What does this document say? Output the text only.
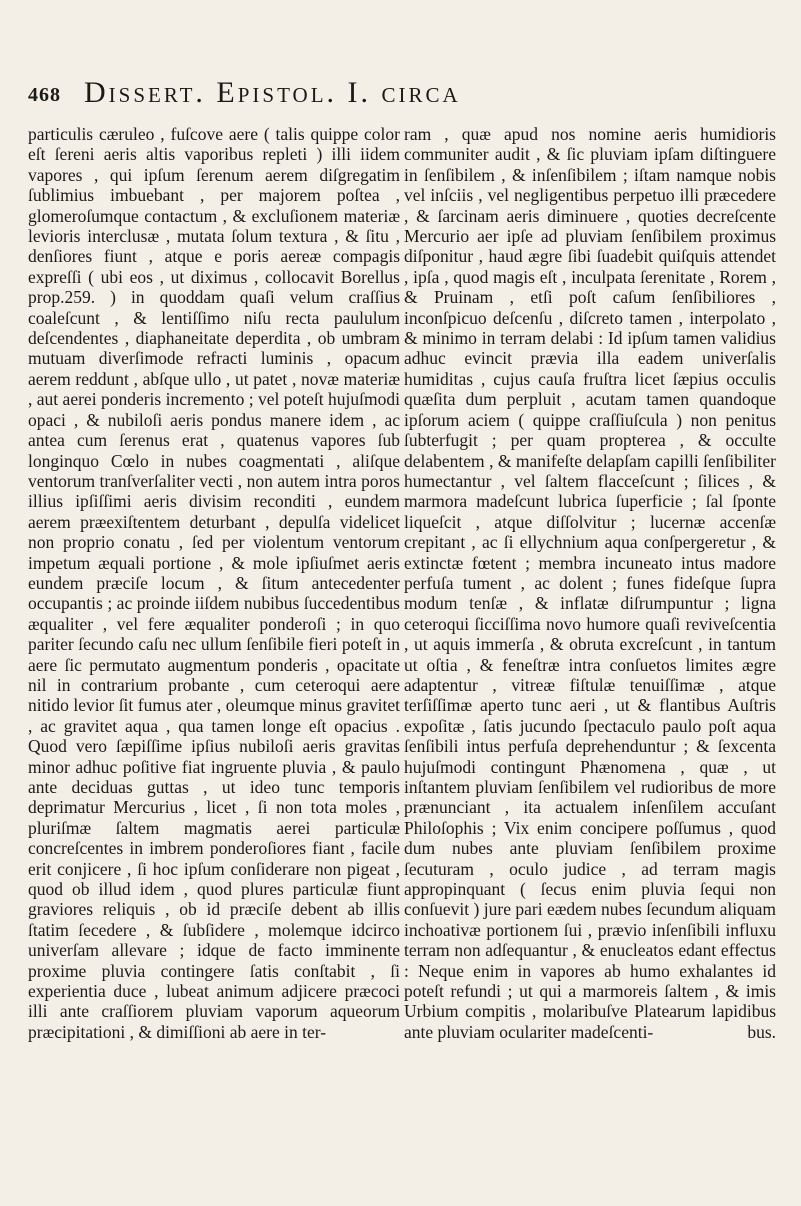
468 Dissert. Epistol. I. circa

particulis cæruleo , fuſcove aere ( talis quippe color eſt ſereni aeris altis vaporibus repleti ) illi iidem vapores , qui ipſum ſerenum aerem diſgregatim ſublimius imbuebant , per majorem poſtea , glomeroſumque contactum , & excluſionem materiæ levioris interclusæ , mutata ſolum textura , & ſitu , denſiores fiunt , atque e poris aereæ compagis expreſſi ( ubi eos , ut diximus , collocavit Borellus prop.259. ) in quoddam quaſi velum craſſius coaleſcunt , & lentiſſimo niſu recta paululum deſcendentes , diaphaneitate deperdita , ob umbram mutuam diverſimode refracti luminis , opacum aerem reddunt , abſque ullo , ut patet , novæ materiæ , aut aerei ponderis incremento ; vel poteſt hujuſmodi opaci , & nubiloſi aeris pondus manere idem , ac antea cum ſerenus erat , quatenus vapores ſub longinquo Cœlo in nubes coagmentati , aliſque ventorum tranſverſaliter vecti , non autem intra poros illius ipſiſſimi aeris divisim reconditi , eundem aerem præexiſtentem deturbant , depulſa videlicet non proprio conatu , ſed per violentum ventorum impetum æquali portione , & mole ipſiuſmet aeris eundem præciſe locum , & ſitum antecedenter occupantis ; ac proinde iiſdem nubibus ſuccedentibus æqualiter , vel fere æqualiter ponderoſi ; in quo pariter ſecundo caſu nec ullum ſenſibile fieri poteſt in aere ſic permutato augmentum ponderis , opacitate nil in contrarium probante , cum ceteroqui aere nitido levior ſit fumus ater , oleumque minus gravitet , ac gravitet aqua , qua tamen longe eſt opacius . Quod vero ſæpiſſime ipſius nubiloſi aeris gravitas minor adhuc poſitive fiat ingruente pluvia , & paulo ante deciduas guttas , ut ideo tunc temporis deprimatur Mercurius , licet , ſi non tota moles , pluriſmæ ſaltem magmatis aerei particulæ concreſcentes in imbrem ponderoſiores fiant , facile erit conjicere , ſi hoc ipſum conſiderare non pigeat , quod ob illud idem , quod plures particulæ fiunt graviores reliquis , ob id præciſe debent ab illis ſtatim ſecedere , & ſubſidere , molemque idcirco univerſam allevare ; idque de facto imminente proxime pluvia contingere ſatis conſtabit , ſi experientia duce , lubeat animum adjicere præcoci illi ante craſſiorem pluviam vaporum aqueorum præcipitationi , & dimiſſioni ab aere in ter-

ram , quæ apud nos nomine aeris humidioris communiter audit , & ſic pluviam ipſam diſtinguere in ſenſibilem , & inſenſibilem ; iſtam namque nobis vel inſciis , vel negligentibus perpetuo illi præcedere , & ſarcinam aeris diminuere , quoties decreſcente Mercurio aer ipſe ad pluviam ſenſibilem proximus diſponitur , haud ægre ſibi ſuadebit quiſquis attendet , ipſa , quod magis eſt , inculpata ſerenitate , Rorem , & Pruinam , etſi poſt caſum ſenſibiliores , inconſpicuo deſcenſu , diſcreto tamen , interpolato , & minimo in terram delabi : Id ipſum tamen validius adhuc evincit prævia illa eadem univerſalis humiditas , cujus cauſa fruſtra licet ſæpius occulis quæſita dum perpluit , acutam tamen quandoque ipſorum aciem ( quippe craſſiuſcula ) non penitus ſubterfugit ; per quam propterea , & occulte delabentem , & manifeſte delapſam capilli ſenſibiliter humectantur , vel ſaltem flacceſcunt ; ſilices , & marmora madeſcunt lubrica ſuperficie ; ſal ſponte liqueſcit , atque diſſolvitur ; lucernæ accenſæ crepitant , ac ſi ellychnium aqua conſpergeretur , & extinctæ fœtent ; membra incuneato intus madore perfuſa tument , ac dolent ; funes fideſque ſupra modum tenſæ , & inflatæ diſrumpuntur ; ligna ceteroqui ſicciſſima novo humore quaſi reviveſcentia , ut aquis immerſa , & obruta excreſcunt , in tantum ut oſtia , & feneſtræ intra conſuetos limites ægre adaptentur , vitreæ fiſtulæ tenuiſſimæ , atque terſiſſimæ aperto tunc aeri , ut & flantibus Auſtris expoſitæ , ſatis jucundo ſpectaculo paulo poſt aqua ſenſibili intus perfuſa deprehenduntur ; & ſexcenta hujuſmodi contingunt Phænomena , quæ , ut inſtantem pluviam ſenſibilem vel rudioribus de more prænunciant , ita actualem inſenſilem accuſant Philoſophis ; Vix enim concipere poſſumus , quod dum nubes ante pluviam ſenſibilem proxime ſecuturam , oculo judice , ad terram magis appropinquant ( ſecus enim pluvia ſequi non conſuevit ) jure pari eædem nubes ſecundum aliquam inchoativæ portionem ſui , prævio inſenſibili influxu terram non adſequantur , & enucleatos edant effectus : Neque enim in vapores ab humo exhalantes id poteſt refundi ; ut qui a marmoreis ſaltem , & imis Urbium compitis , molaribuſve Platearum lapidibus ante pluviam oculariter madeſcenti-	bus.
